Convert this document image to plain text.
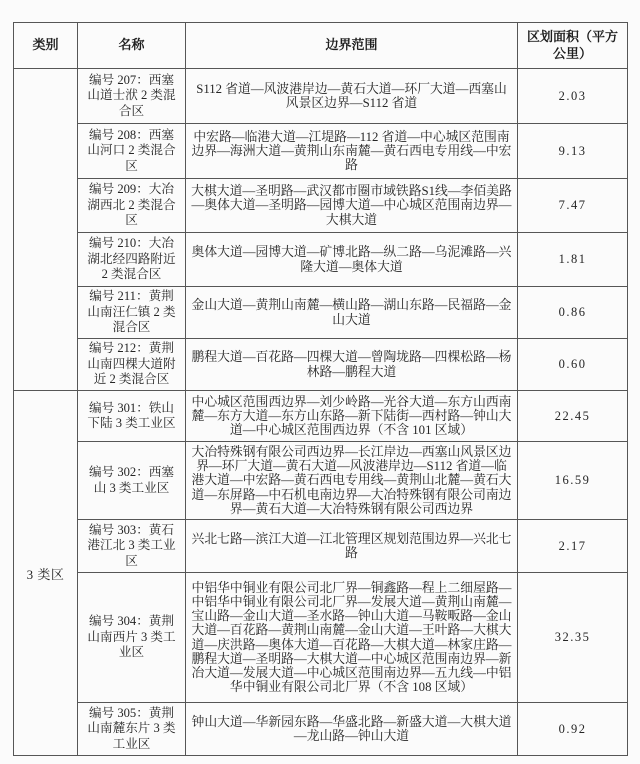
类别	名称	边界范围	区划面积（平方公里）
	编号 207：西塞山道士洑 2 类混合区	S112 省道—风波港岸边—黄石大道—环厂大道—西塞山风景区边界—S112 省道	2.03
	编号 208：西塞山河口 2 类混合区	中宏路—临港大道—江堤路—112 省道—中心城区范围南边界—海洲大道—黄荆山东南麓—黄石西电专用线—中宏路	9.13
	编号 209：大冶湖西北 2 类混合区	大棋大道—圣明路—武汉都市圈市域铁路S1线—李佰美路—奥体大道—圣明路—园博大道—中心城区范围南边界—大棋大道	7.47
	编号 210：大冶湖北经四路附近 2 类混合区	奥体大道—园博大道—矿博北路—纵二路—乌泥滩路—兴隆大道—奥体大道	1.81
	编号 211：黄荆山南汪仁镇 2 类混合区	金山大道—黄荆山南麓—横山路—湖山东路—民福路—金山大道	0.86
	编号 212：黄荆山南四棵大道附近 2 类混合区	鹏程大道—百花路—四棵大道—曾陶垅路—四棵松路—杨林路—鹏程大道	0.60
3 类区	编号 301：铁山下陆 3 类工业区	中心城区范围西边界—刘少岭路—光谷大道—东方山西南麓—东方大道—东方山东路—新下陆街—西村路—钟山大道—中心城区范围西边界（不含 101 区域）	22.45
	编号 302：西塞山 3 类工业区	大冶特殊钢有限公司西边界—长江岸边—西塞山风景区边界—环厂大道—黄石大道—风波港岸边—S112 省道—临港大道—中宏路—黄石西电专用线—黄荆山北麓—黄石大道—东屏路—中石机电南边界—大冶特殊钢有限公司南边界—黄石大道—大冶特殊钢有限公司西边界	16.59
	编号 303：黄石港江北 3 类工业区	兴北七路—滨江大道—江北管理区规划范围边界—兴北七路	2.17
	编号 304：黄荆山南西片 3 类工业区	中铝华中铜业有限公司北厂界—铜鑫路—程上二细屋路—中铝华中铜业有限公司北厂界—发展大道—黄荆山南麓—宝山路—金山大道—圣水路—钟山大道—马鞍畈路—金山大道—百花路—黄荆山南麓—金山大道—王叶路—大棋大道—庆洪路—奥体大道—百花路—大棋大道—林家庄路—鹏程大道—圣明路—大棋大道—中心城区范围南边界—新冶大道—发展大道—中心城区范围南边界—五九线—中铝华中铜业有限公司北厂界（不含 108 区域）	32.35
	编号 305：黄荆山南麓东片 3 类工业区	钟山大道—华新园东路—华盛北路—新盛大道—大棋大道—龙山路—钟山大道	0.92
